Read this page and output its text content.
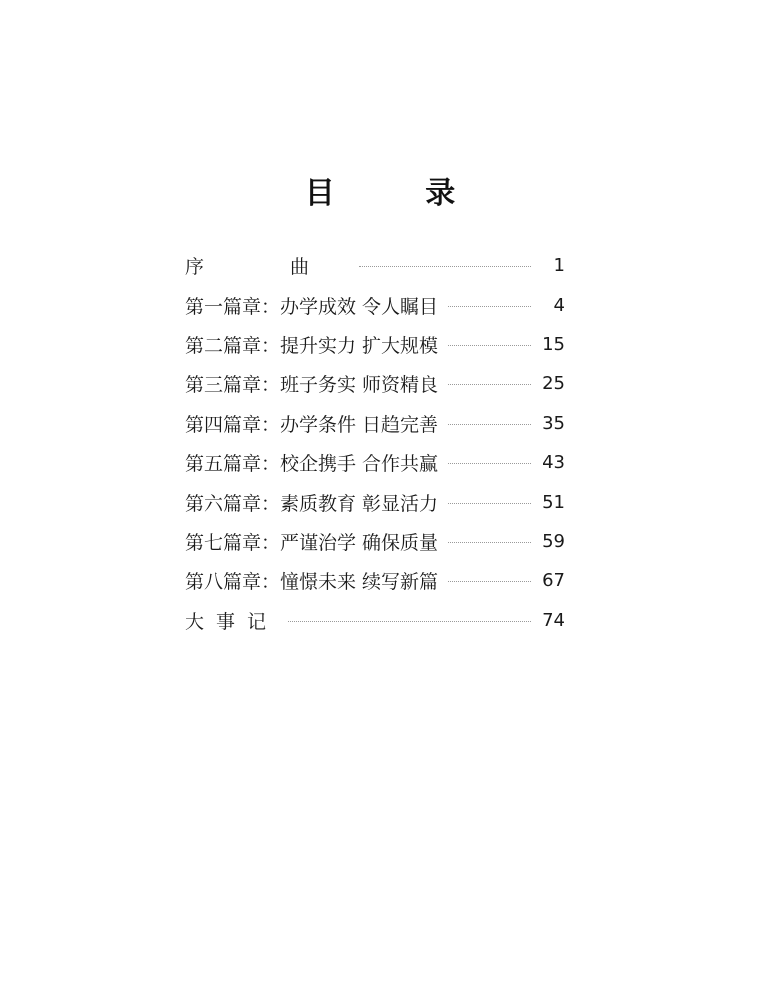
目 录
序 曲	1
第一篇章：办学成效 令人瞩目	4
第二篇章：提升实力 扩大规模	15
第三篇章：班子务实 师资精良	25
第四篇章：办学条件 日趋完善	35
第五篇章：校企携手 合作共赢	43
第六篇章：素质教育 彰显活力	51
第七篇章：严谨治学 确保质量	59
第八篇章：憧憬未来 续写新篇	67
大事记	74
